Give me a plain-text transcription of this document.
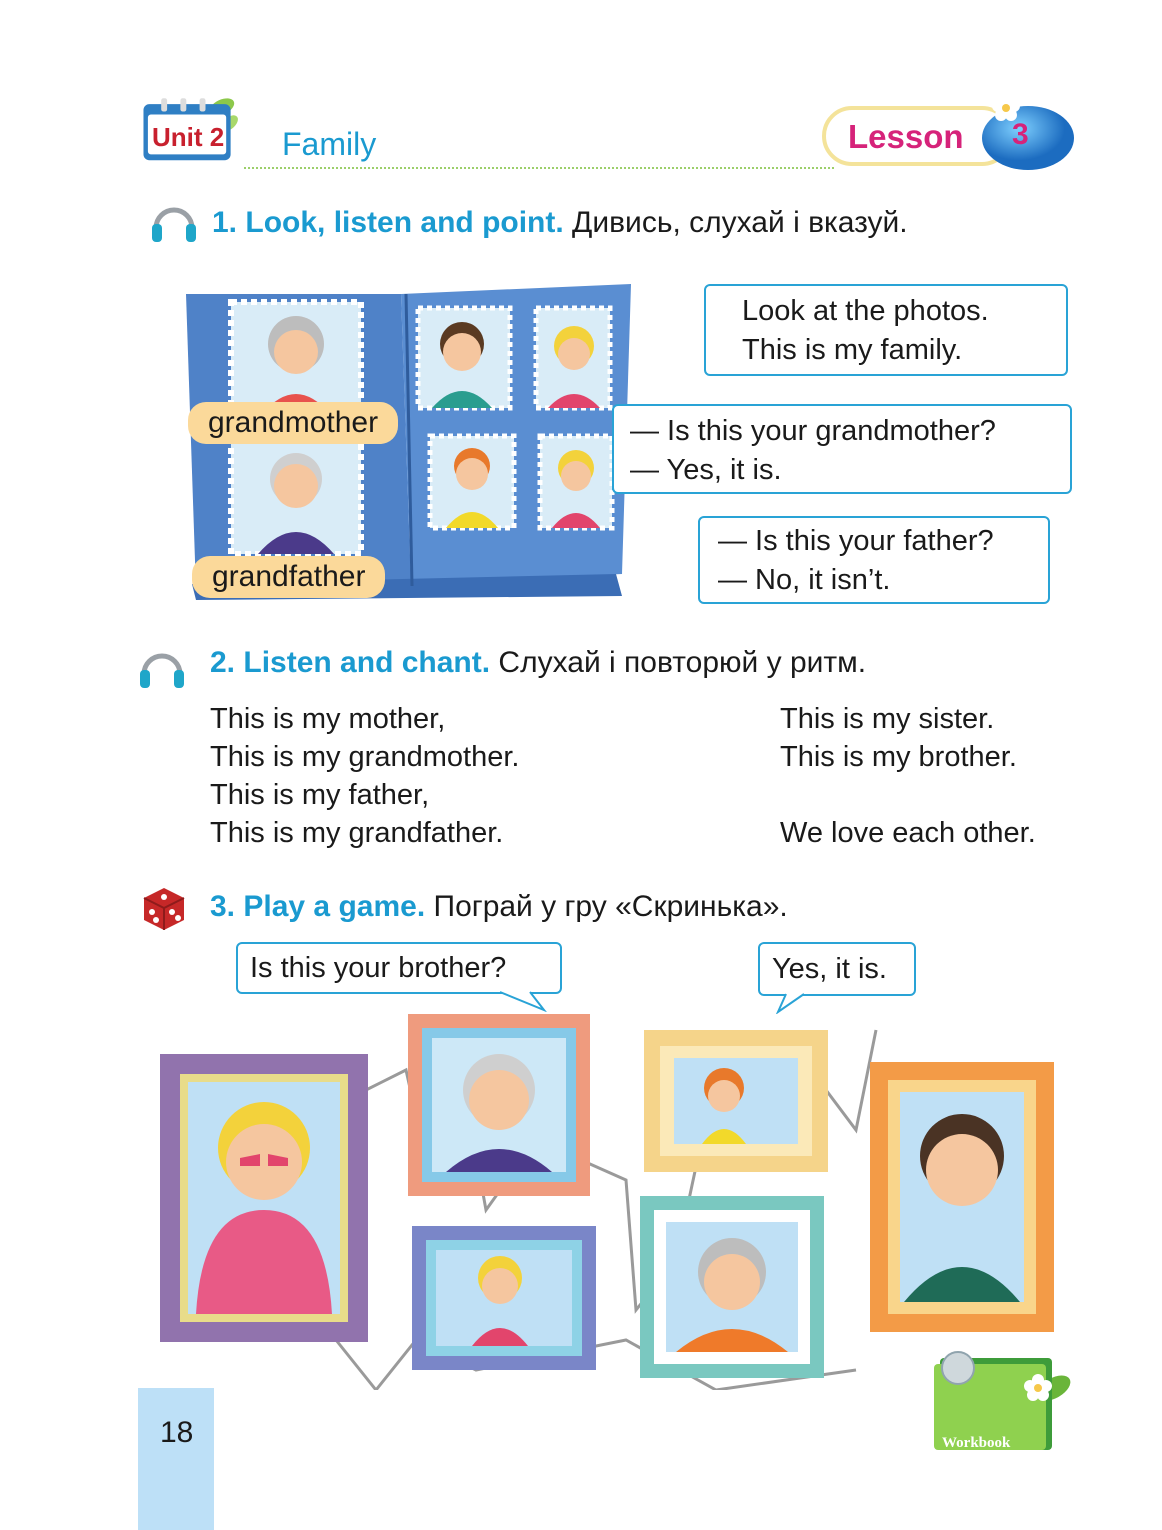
Unit 2 Family	Lesson 3
1. Look, listen and point. Дивись, слухай і вказуй.
grandmother
grandfather
Look at the photos.
This is my family.
— Is this your grandmother?
— Yes, it is.
— Is this your father?
— No, it isn’t.
2. Listen and chant. Слухай і повторюй у ритм.
This is my mother,
This is my grandmother.
This is my father,
This is my grandfather.
This is my sister.
This is my brother.
We love each other.
3. Play a game. Пограй у гру «Скринька».
Is this your brother?	Yes, it is.
18

	Workbook

Lesson  3
